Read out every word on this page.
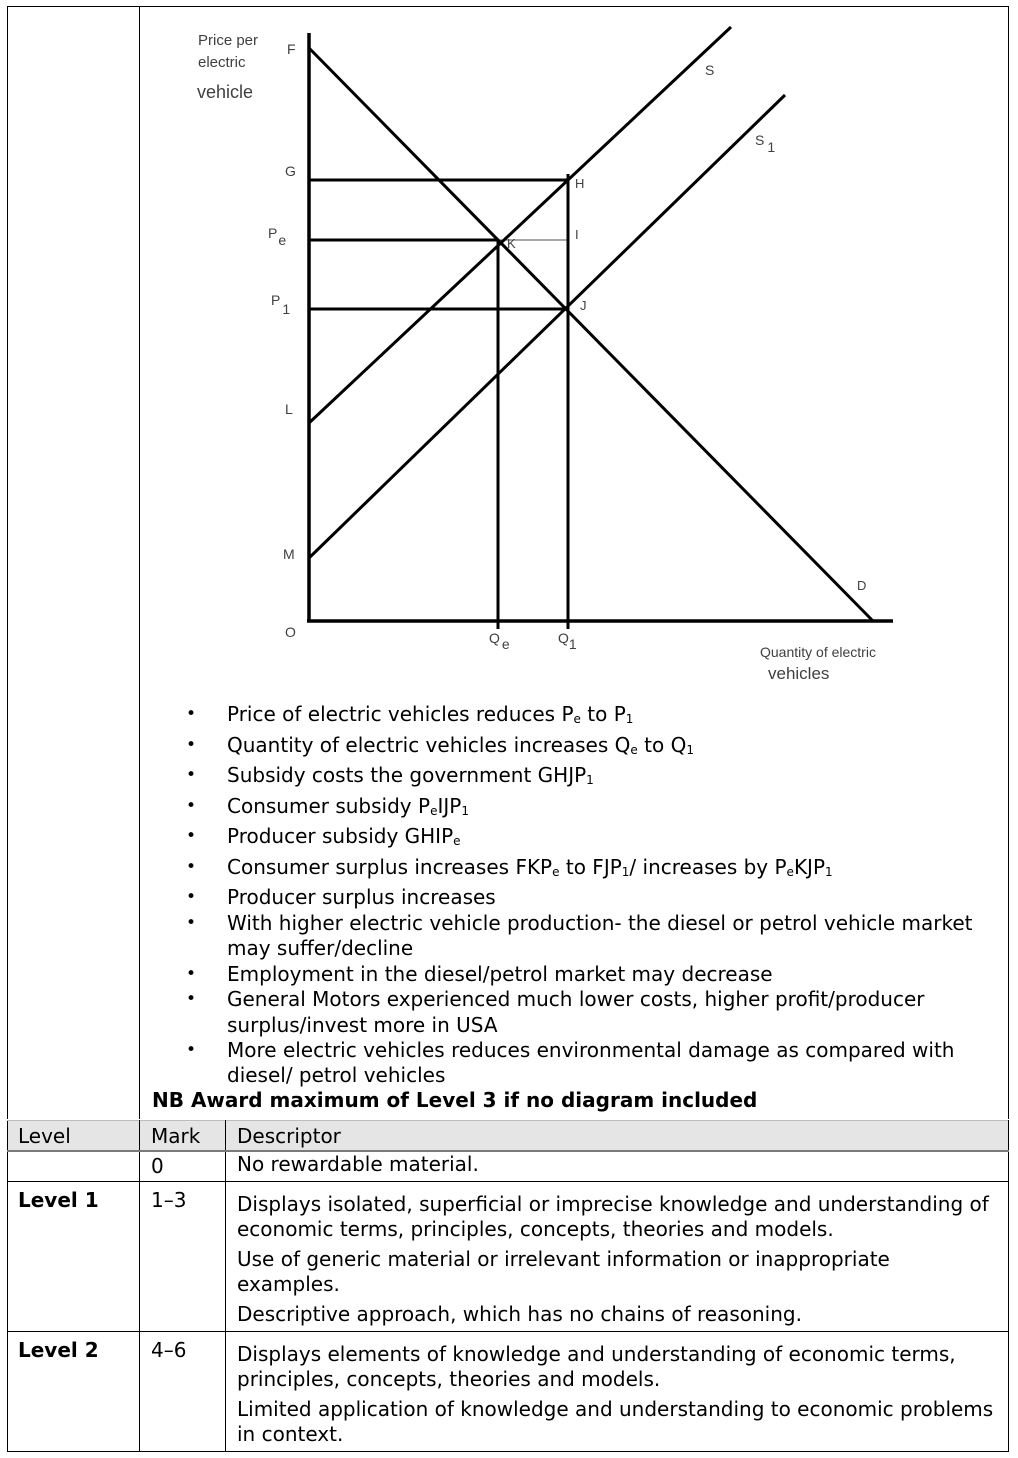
Price per
electric
vehicle
Quantity of electric
vehicles
F
G
Pe
P1
L
M
O	Q e	Q1
H
I
K
J
S
S 1
D
• Price of electric vehicles reduces $P_e$ to $P_1$
• Quantity of electric vehicles increases $Q_e$ to $Q_1$
• Subsidy costs the government $GHJP_1$
• Consumer subsidy $P_eIJP_1$
• Producer subsidy $GHIP_e$
• Consumer surplus increases $FKP_e$ to $FJP_1/$ increases by $P_eKJP_1$
• Producer surplus increases
• With higher electric vehicle production- the diesel or petrol vehicle market may suffer/decline
• Employment in the diesel/petrol market may decrease
• General Motors experienced much lower costs, higher profit/producer surplus/invest more in USA
• More electric vehicles reduces environmental damage as compared with diesel/ petrol vehicles
NB Award maximum of Level 3 if no diagram included
Level	Mark	Descriptor
	0	No rewardable material.

Level 1	1–3	Displays isolated, superficial or imprecise knowledge and understanding of economic terms, principles, concepts, theories and models.

Use of generic material or irrelevant information or inappropriate examples.

Descriptive approach, which has no chains of reasoning.

Level 2	4–6	Displays elements of knowledge and understanding of economic terms, principles, concepts, theories and models.

Limited application of knowledge and understanding to economic problems in context.
